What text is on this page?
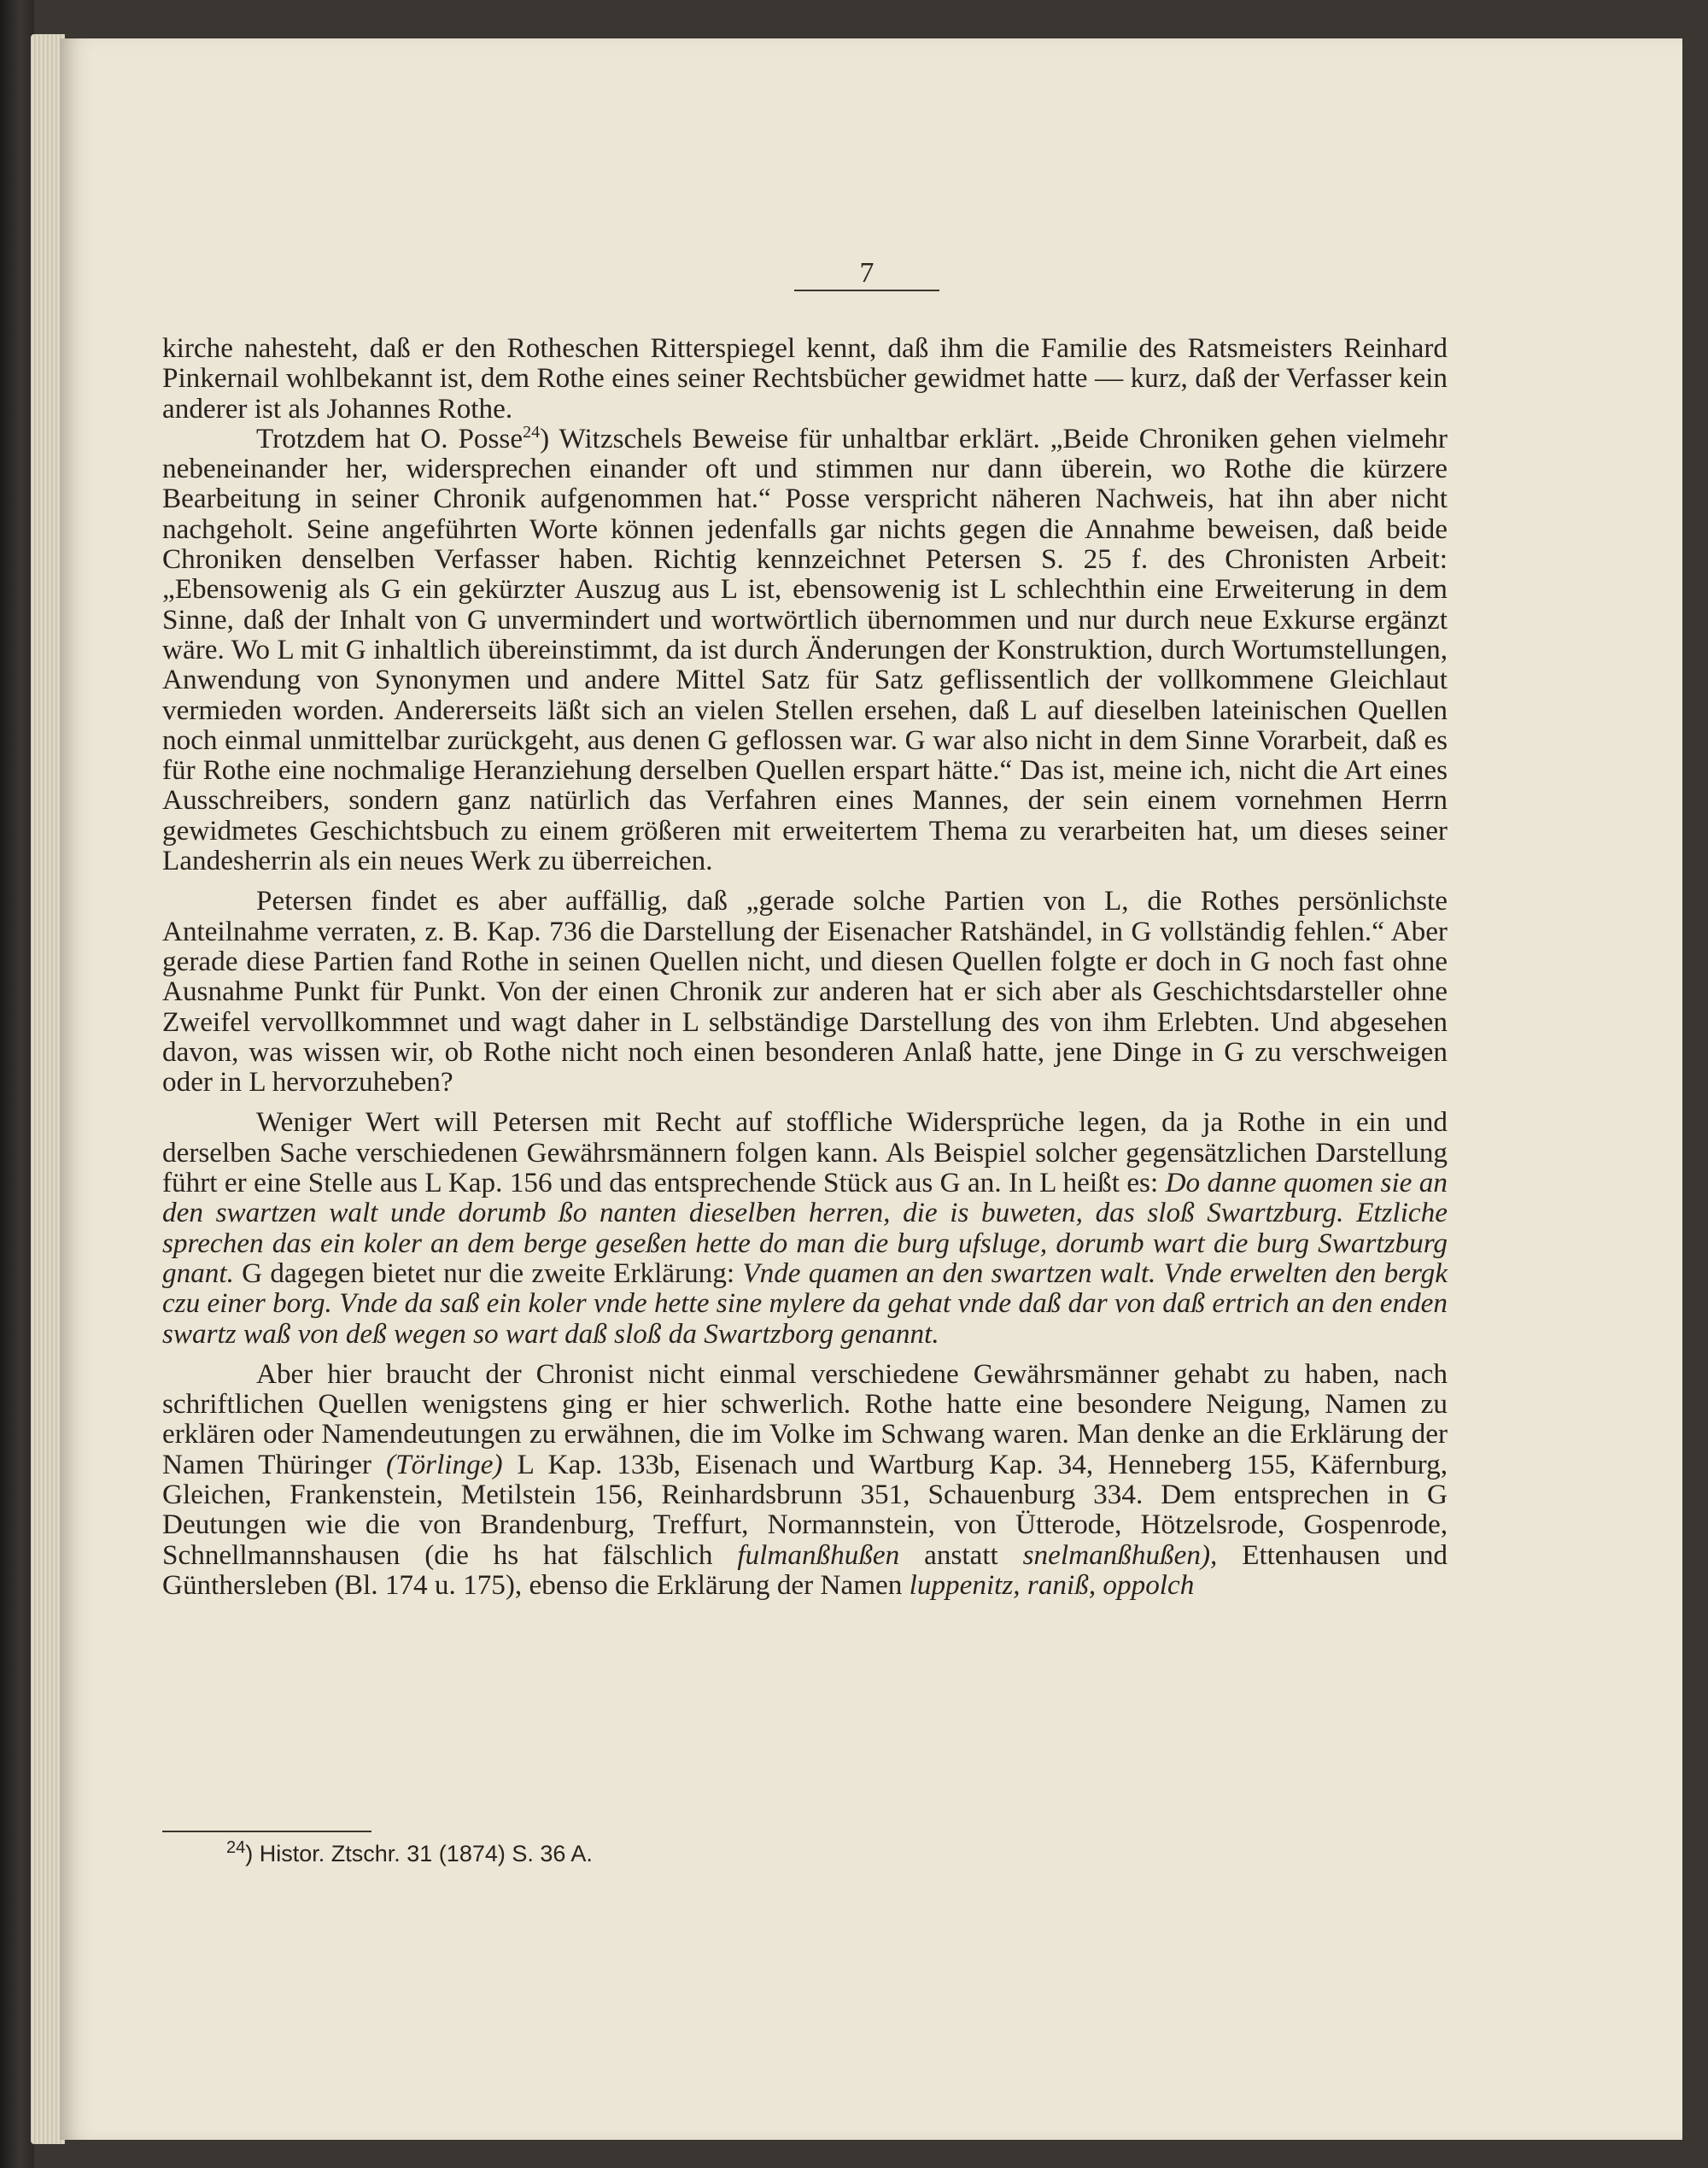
7

kirche nahesteht, daß er den Rotheschen Ritterspiegel kennt, daß ihm die Familie des Ratsmeisters Reinhard Pinkernail wohlbekannt ist, dem Rothe eines seiner Rechtsbücher gewidmet hatte — kurz, daß der Verfasser kein anderer ist als Johannes Rothe.

Trotzdem hat O. Posse$^{24}$) Witzschels Beweise für unhaltbar erklärt. „Beide Chroniken gehen vielmehr nebeneinander her, widersprechen einander oft und stimmen nur dann überein, wo Rothe die kürzere Bearbeitung in seiner Chronik aufgenommen hat.“ Posse verspricht näheren Nachweis, hat ihn aber nicht nachgeholt. Seine angeführten Worte können jedenfalls gar nichts gegen die Annahme beweisen, daß beide Chroniken denselben Verfasser haben. Richtig kennzeichnet Petersen S. 25 f. des Chronisten Arbeit: „Ebensowenig als G ein gekürzter Auszug aus L ist, ebensowenig ist L schlechthin eine Erweiterung in dem Sinne, daß der Inhalt von G unvermindert und wortwörtlich übernommen und nur durch neue Exkurse ergänzt wäre. Wo L mit G inhaltlich übereinstimmt, da ist durch Änderungen der Konstruktion, durch Wortumstellungen, Anwendung von Synonymen und andere Mittel Satz für Satz geflissentlich der vollkommene Gleichlaut vermieden worden. Andererseits läßt sich an vielen Stellen ersehen, daß L auf dieselben lateinischen Quellen noch einmal unmittelbar zurückgeht, aus denen G geflossen war. G war also nicht in dem Sinne Vorarbeit, daß es für Rothe eine nochmalige Heranziehung derselben Quellen erspart hätte.“ Das ist, meine ich, nicht die Art eines Ausschreibers, sondern ganz natürlich das Verfahren eines Mannes, der sein einem vornehmen Herrn gewidmetes Geschichtsbuch zu einem größeren mit erweitertem Thema zu verarbeiten hat, um dieses seiner Landesherrin als ein neues Werk zu überreichen.

Petersen findet es aber auffällig, daß „gerade solche Partien von L, die Rothes persönlichste Anteilnahme verraten, z. B. Kap. 736 die Darstellung der Eisenacher Ratshändel, in G vollständig fehlen.“ Aber gerade diese Partien fand Rothe in seinen Quellen nicht, und diesen Quellen folgte er doch in G noch fast ohne Ausnahme Punkt für Punkt. Von der einen Chronik zur anderen hat er sich aber als Geschichtsdarsteller ohne Zweifel vervollkommnet und wagt daher in L selbständige Darstellung des von ihm Erlebten. Und abgesehen davon, was wissen wir, ob Rothe nicht noch einen besonderen Anlaß hatte, jene Dinge in G zu verschweigen oder in L hervorzuheben?

Weniger Wert will Petersen mit Recht auf stoffliche Widersprüche legen, da ja Rothe in ein und derselben Sache verschiedenen Gewährsmännern folgen kann. Als Beispiel solcher gegensätzlichen Darstellung führt er eine Stelle aus L Kap. 156 und das entsprechende Stück aus G an. In L heißt es: Do danne quomen sie an den swartzen walt unde dorumb ßo nanten dieselben herren, die is buweten, das sloß Swartzburg. Etzliche sprechen das ein koler an dem berge geseßen hette do man die burg ufsluge, dorumb wart die burg Swartzburg gnant. G dagegen bietet nur die zweite Erklärung: Vnde quamen an den swartzen walt. Vnde erwelten den bergk czu einer borg. Vnde da saß ein koler vnde hette sine mylere da gehat vnde daß dar von daß ertrich an den enden swartz waß von deß wegen so wart daß sloß da Swartzborg genannt.

Aber hier braucht der Chronist nicht einmal verschiedene Gewährsmänner gehabt zu haben, nach schriftlichen Quellen wenigstens ging er hier schwerlich. Rothe hatte eine besondere Neigung, Namen zu erklären oder Namendeutungen zu erwähnen, die im Volke im Schwang waren. Man denke an die Erklärung der Namen Thüringer (Törlinge) L Kap. 133b, Eisenach und Wartburg Kap. 34, Henneberg 155, Käfernburg, Gleichen, Frankenstein, Metilstein 156, Reinhardsbrunn 351, Schauenburg 334. Dem entsprechen in G Deutungen wie die von Brandenburg, Treffurt, Normannstein, von Ütterode, Hötzelsrode, Gospenrode, Schnellmannshausen (die hs hat fälschlich fulmanßhußen anstatt snelmanßhußen), Ettenhausen und Günthersleben (Bl. 174 u. 175), ebenso die Erklärung der Namen luppenitz, raniß, oppolch

$^{24}$) Histor. Ztschr. 31 (1874) S. 36 A.
